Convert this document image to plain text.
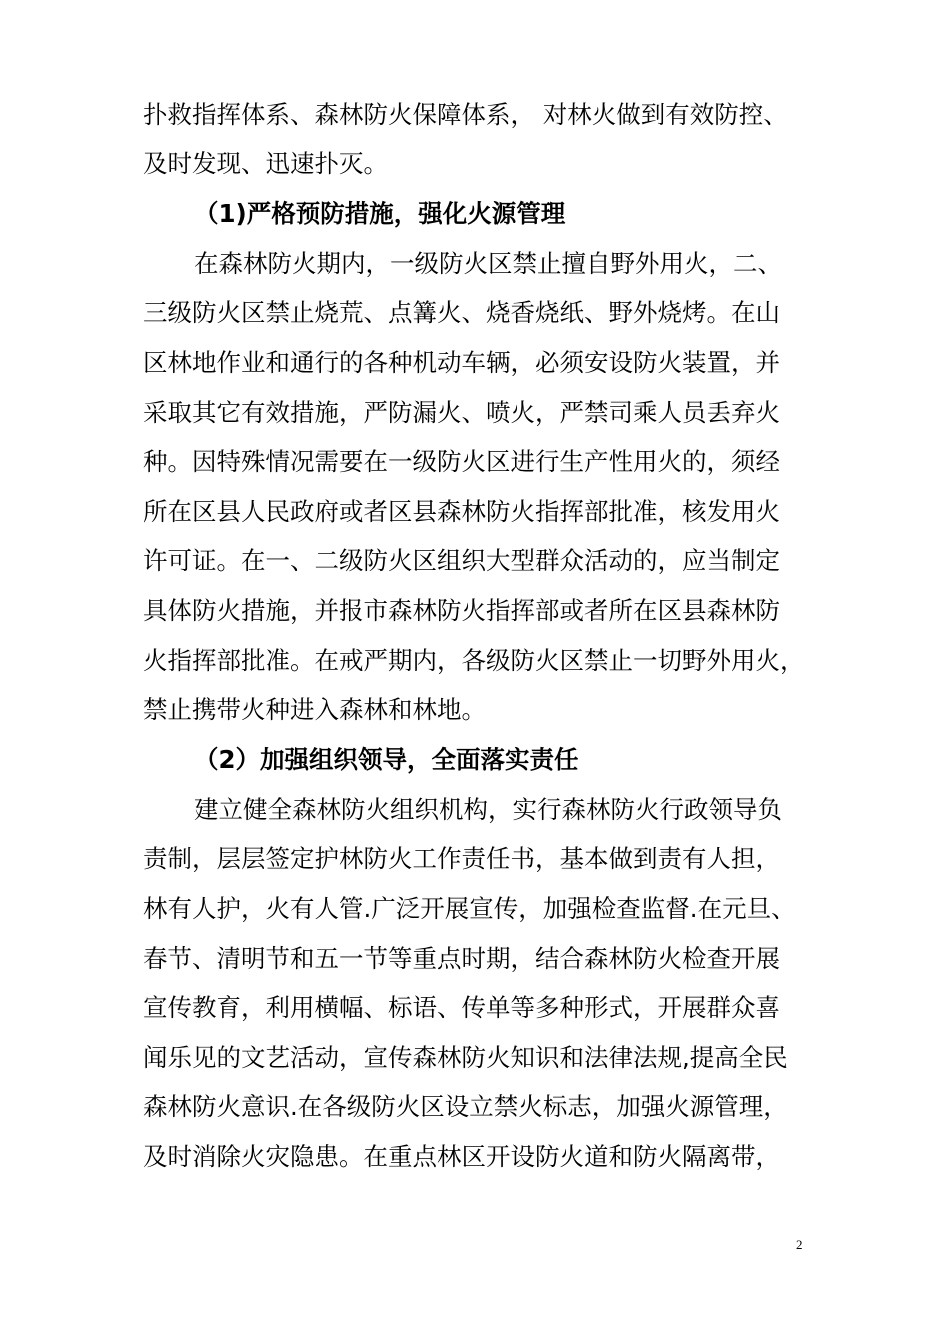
扑救指挥体系、森林防火保障体系， 对林火做到有效防控、
及时发现、迅速扑灭。
（1)严格预防措施，强化火源管理
在森林防火期内，一级防火区禁止擅自野外用火，二、
三级防火区禁止烧荒、点篝火、烧香烧纸、野外烧烤。在山
区林地作业和通行的各种机动车辆，必须安设防火装置，并
采取其它有效措施，严防漏火、喷火，严禁司乘人员丢弃火
种。因特殊情况需要在一级防火区进行生产性用火的，须经
所在区县人民政府或者区县森林防火指挥部批准，核发用火
许可证。在一、二级防火区组织大型群众活动的，应当制定
具体防火措施，并报市森林防火指挥部或者所在区县森林防
火指挥部批准。在戒严期内，各级防火区禁止一切野外用火，
禁止携带火种进入森林和林地。
（2）加强组织领导，全面落实责任
建立健全森林防火组织机构，实行森林防火行政领导负
责制，层层签定护林防火工作责任书，基本做到责有人担，
林有人护，火有人管.广泛开展宣传，加强检查监督.在元旦、
春节、清明节和五一节等重点时期，结合森林防火检查开展
宣传教育，利用横幅、标语、传单等多种形式，开展群众喜
闻乐见的文艺活动，宣传森林防火知识和法律法规,提高全民
森林防火意识.在各级防火区设立禁火标志，加强火源管理，
及时消除火灾隐患。在重点林区开设防火道和防火隔离带，
2
